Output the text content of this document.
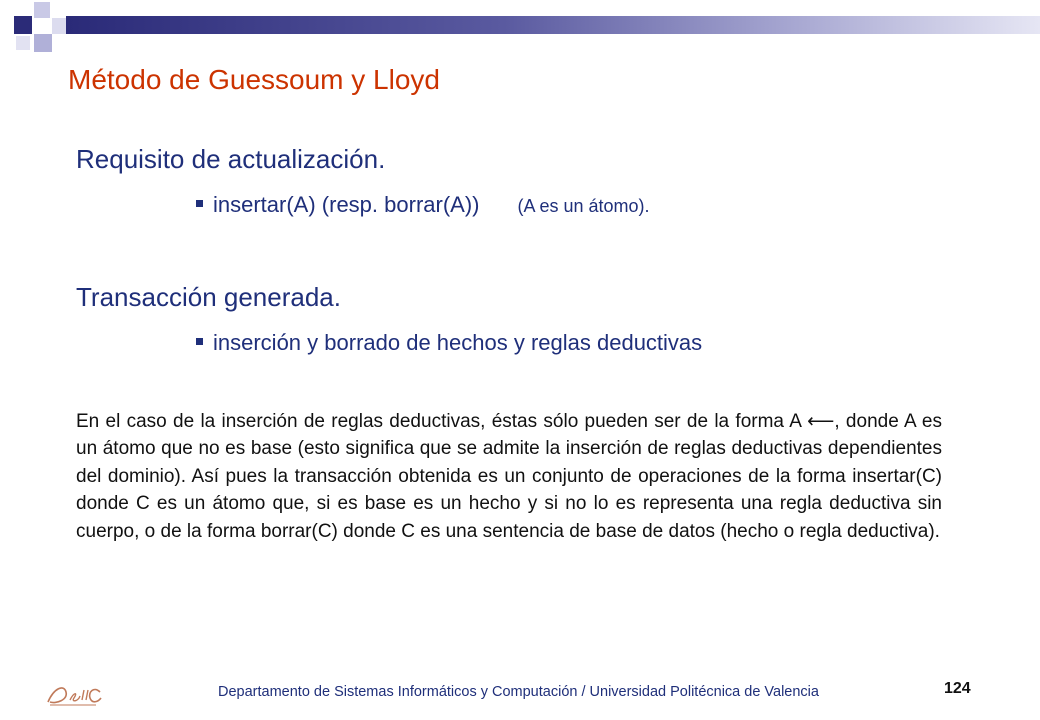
Método de Guessoum y Lloyd
Requisito de actualización.
insertar(A) (resp. borrar(A)) (A es un átomo).
Transacción generada.
inserción y borrado de hechos y reglas deductivas
En el caso de la inserción de reglas deductivas, éstas sólo pueden ser de la forma A ⟵, donde A es un átomo que no es base (esto significa que se admite la inserción de reglas deductivas dependientes del dominio). Así pues la transacción obtenida es un conjunto de operaciones de la forma insertar(C) donde C es un átomo que, si es base es un hecho y si no lo es representa una regla deductiva sin cuerpo, o de la forma borrar(C) donde C es una sentencia de base de datos (hecho o regla deductiva).
Departamento de Sistemas Informáticos y Computación / Universidad Politécnica de Valencia	124
